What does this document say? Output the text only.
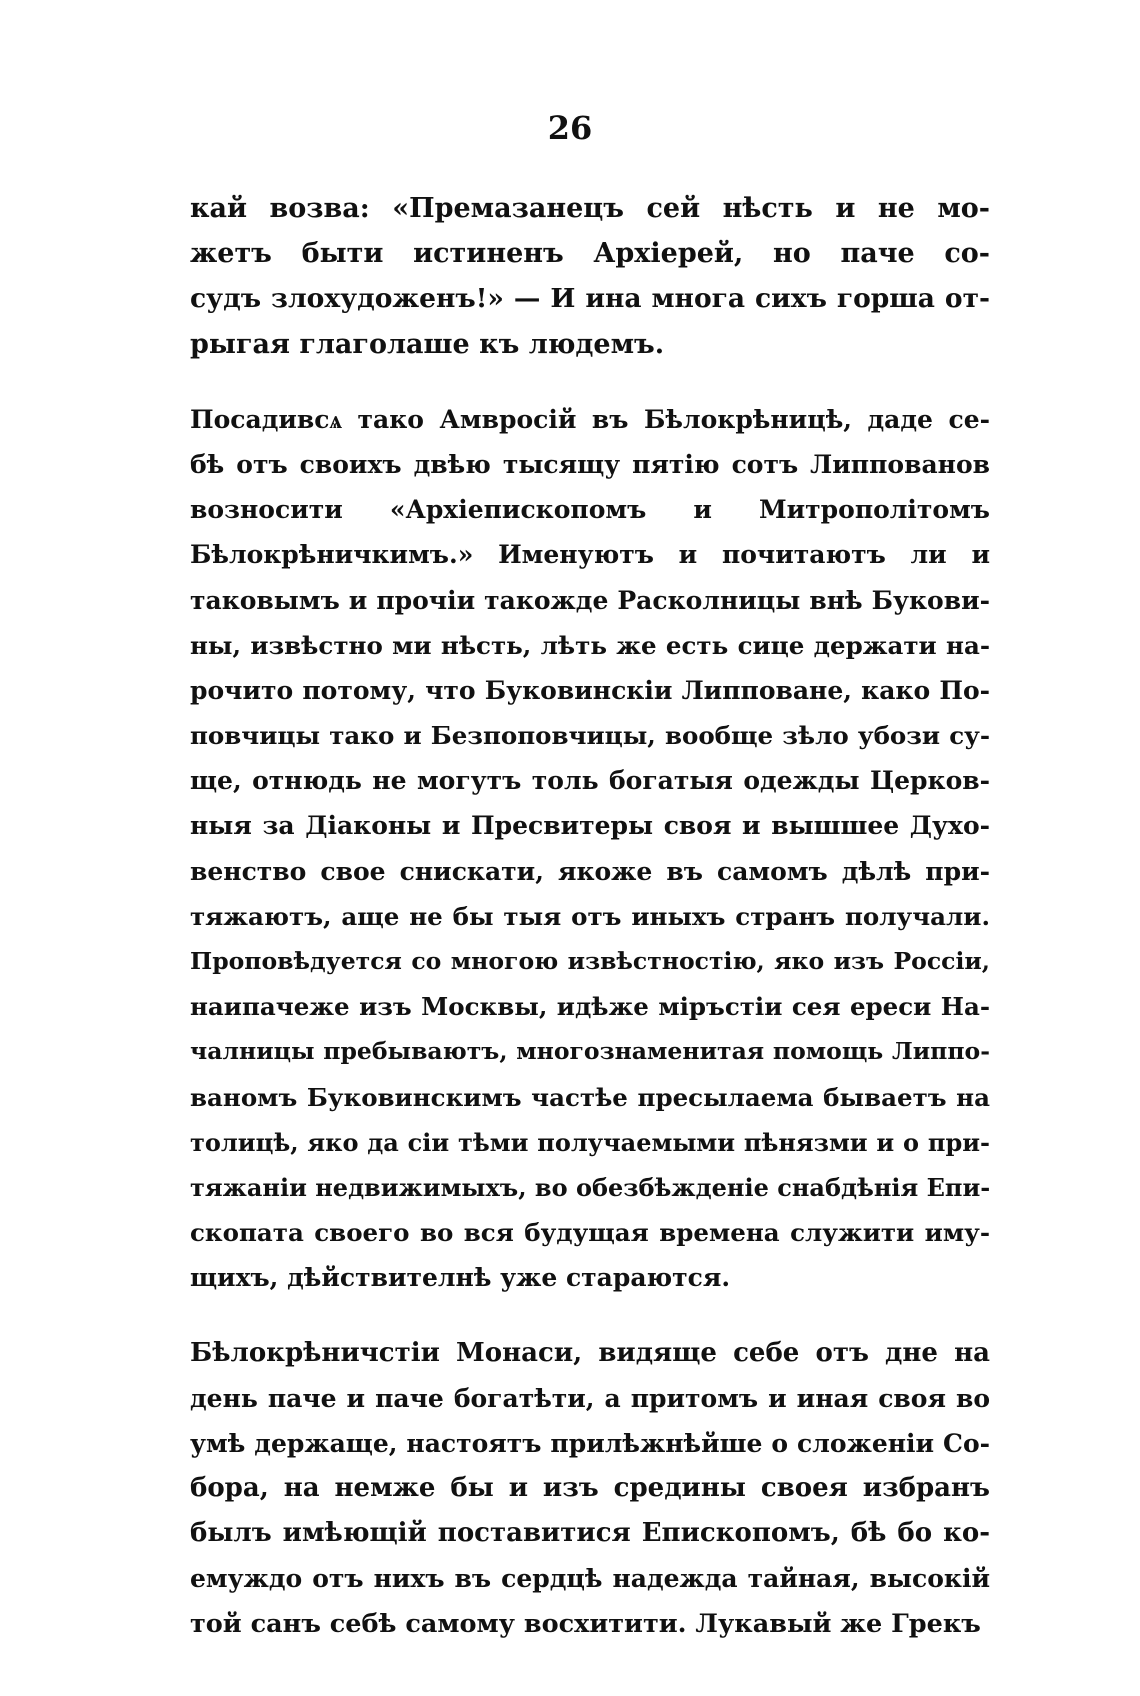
26
кай возва: «Премазанецъ сей нѣсть и не мо-
жетъ быти истиненъ Архіерей, но паче со-
судъ злохудоженъ!» — И ина многа сихъ горша от-
рыгая глаголаше къ людемъ.
Посадивсѧ тако Амвросій въ Бѣлокрѣницѣ, даде се-
бѣ отъ своихъ двѣю тысящу пятію сотъ Липпованов
возносити «Архіепископомъ и Митрополітомъ
Бѣлокрѣничкимъ.» Именуютъ и почитаютъ ли и
таковымъ и прочіи такожде Расколницы внѣ Букови-
ны, извѣстно ми нѣсть, лѣть же есть сице держати на-
рочито потому, что Буковинскіи Липповане, како По-
повчицы тако и Безпоповчицы, вообще зѣло убози су-
ще, отнюдь не могутъ толь богатыя одежды Церков-
ныя за Діаконы и Пресвитеры своя и вышшее Духо-
венство свое снискати, якоже въ самомъ дѣлѣ при-
тяжаютъ, аще не бы тыя отъ иныхъ странъ получали.
Проповѣдуется со многою извѣстностію, яко изъ Россіи,
наипачеже изъ Москвы, идѣже міръстіи сея ереси На-
чалницы пребываютъ, многознаменитая помощь Липпо-
ваномъ Буковинскимъ частѣе пресылаема бываетъ на
толицѣ, яко да сіи тѣми получаемыми пѣнязми и о при-
тяжаніи недвижимыхъ, во обезбѣжденіе снабдѣнія Епи-
скопата своего во вся будущая времена служити иму-
щихъ, дѣйствителнѣ уже стараются.
Бѣлокрѣничстіи Монаси, видяще себе отъ дне на
день паче и паче богатѣти, а притомъ и иная своя во
умѣ держаще, настоятъ прилѣжнѣйше о сложеніи Со-
бора, на немже бы и изъ средины своея избранъ
былъ имѣющій поставитися Епископомъ, бѣ бо ко-
емуждо отъ нихъ въ сердцѣ надежда тайная, высокій
той санъ себѣ самому восхитити. Лукавый же Грекъ
